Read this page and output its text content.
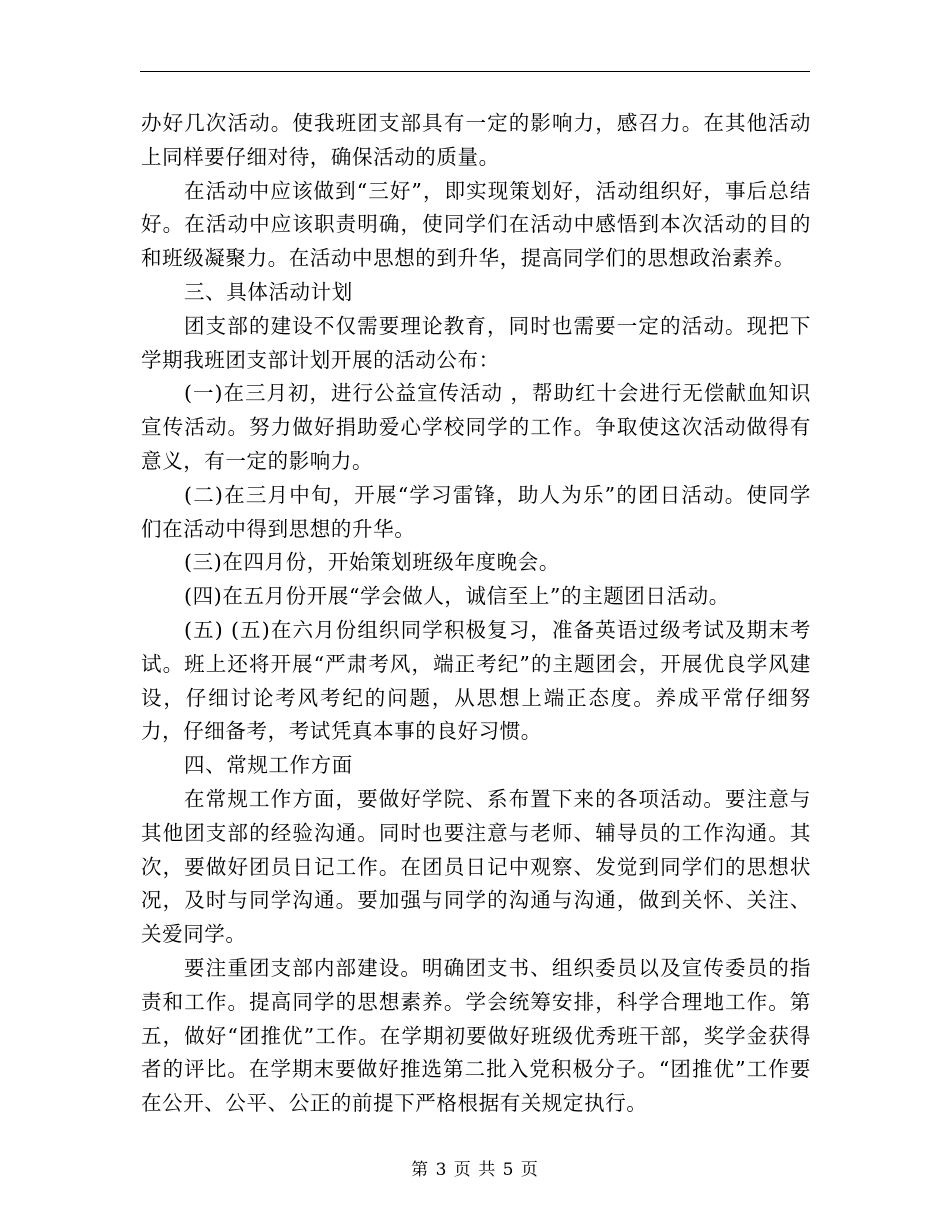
办好几次活动。使我班团支部具有一定的影响力，感召力。在其他活动上同样要仔细对待，确保活动的质量。

在活动中应该做到“三好”，即实现策划好，活动组织好，事后总结好。在活动中应该职责明确，使同学们在活动中感悟到本次活动的目的和班级凝聚力。在活动中思想的到升华，提高同学们的思想政治素养。

三、具体活动计划

团支部的建设不仅需要理论教育，同时也需要一定的活动。现把下学期我班团支部计划开展的活动公布：

(一)在三月初，进行公益宣传活动 ，帮助红十会进行无偿献血知识宣传活动。努力做好捐助爱心学校同学的工作。争取使这次活动做得有意义，有一定的影响力。

(二)在三月中旬，开展“学习雷锋，助人为乐”的团日活动。使同学们在活动中得到思想的升华。

(三)在四月份，开始策划班级年度晚会。

(四)在五月份开展“学会做人，诚信至上”的主题团日活动。

(五) (五)在六月份组织同学积极复习，准备英语过级考试及期末考试。班上还将开展“严肃考风，端正考纪”的主题团会，开展优良学风建设，仔细讨论考风考纪的问题，从思想上端正态度。养成平常仔细努力，仔细备考，考试凭真本事的良好习惯。

四、常规工作方面

在常规工作方面，要做好学院、系布置下来的各项活动。要注意与其他团支部的经验沟通。同时也要注意与老师、辅导员的工作沟通。其次，要做好团员日记工作。在团员日记中观察、发觉到同学们的思想状况，及时与同学沟通。要加强与同学的沟通与沟通，做到关怀、关注、关爱同学。

要注重团支部内部建设。明确团支书、组织委员以及宣传委员的指责和工作。提高同学的思想素养。学会统筹安排，科学合理地工作。第五，做好“团推优”工作。在学期初要做好班级优秀班干部，奖学金获得者的评比。在学期末要做好推选第二批入党积极分子。“团推优”工作要在公开、公平、公正的前提下严格根据有关规定执行。

第 3 页 共 5 页
